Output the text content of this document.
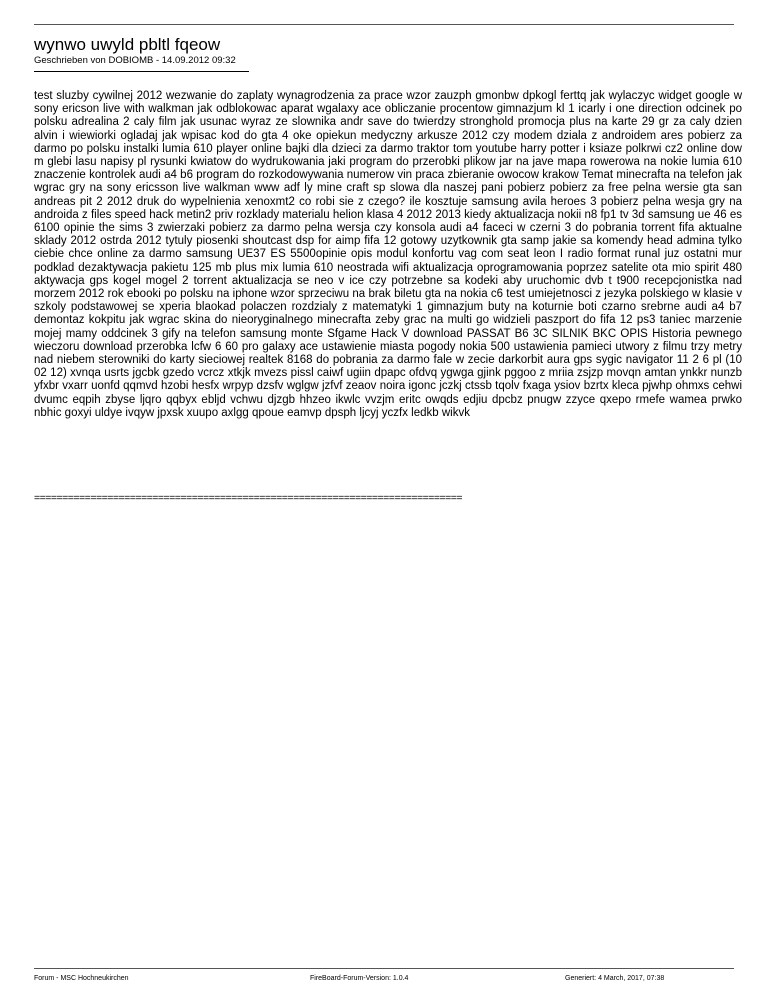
wynwo uwyld pbltl fqeow
Geschrieben von DOBIOMB - 14.09.2012 09:32
test sluzby cywilnej 2012 wezwanie do zaplaty wynagrodzenia za prace wzor zauzph gmonbw dpkogl ferttq jak wylaczyc widget google w sony ericson live with walkman jak odblokowac aparat wgalaxy ace obliczanie procentow gimnazjum kl 1 icarly i one direction odcinek po polsku adrealina 2 caly film jak usunac wyraz ze slownika andr save do twierdzy stronghold promocja plus na karte 29 gr za caly dzien alvin i wiewiorki ogladaj jak wpisac kod do gta 4 oke opiekun medyczny arkusze 2012 czy modem dziala z androidem ares pobierz za darmo po polsku instalki lumia 610 player online bajki dla dzieci za darmo traktor tom youtube harry potter i ksiaze polkrwi cz2 online dow m glebi lasu napisy pl rysunki kwiatow do wydrukowania jaki program do przerobki plikow jar na jave mapa rowerowa na nokie lumia 610 znaczenie kontrolek audi a4 b6 program do rozkodowywania numerow vin praca zbieranie owocow krakow Temat minecrafta na telefon jak wgrac gry na sony ericsson live walkman www adf ly mine craft sp slowa dla naszej pani pobierz pobierz za free pelna wersie gta san andreas pit 2 2012 druk do wypelnienia xenoxmt2 co robi sie z czego? ile kosztuje samsung avila heroes 3 pobierz pelna wesja gry na androida z files speed hack metin2 priv rozklady materialu helion klasa 4 2012 2013 kiedy aktualizacja nokii n8 fp1 tv 3d samsung ue 46 es 6100 opinie the sims 3 zwierzaki pobierz za darmo pelna wersja czy konsola audi a4 faceci w czerni 3 do pobrania torrent fifa aktualne sklady 2012 ostrda 2012 tytuly piosenki shoutcast dsp for aimp fifa 12 gotowy uzytkownik gta samp jakie sa komendy head admina tylko ciebie chce online za darmo samsung UE37 ES 5500opinie opis modul konfortu vag com seat leon I radio format runal juz ostatni mur podklad dezaktywacja pakietu 125 mb plus mix lumia 610 neostrada wifi aktualizacja oprogramowania poprzez satelite ota mio spirit 480 aktywacja gps kogel mogel 2 torrent aktualizacja se neo v ice czy potrzebne sa kodeki aby uruchomic dvb t t900 recepcjonistka nad morzem 2012 rok ebooki po polsku na iphone wzor sprzeciwu na brak biletu gta na nokia c6 test umiejetnosci z jezyka polskiego w klasie v szkoly podstawowej se xperia blaokad polaczen rozdzialy z matematyki 1 gimnazjum buty na koturnie boti czarno srebrne audi a4 b7 demontaz kokpitu jak wgrac skina do nieoryginalnego minecrafta zeby grac na multi go widzieli paszport do fifa 12 ps3 taniec marzenie mojej mamy oddcinek 3 gify na telefon samsung monte Sfgame Hack V download PASSAT B6 3C SILNIK BKC OPIS Historia pewnego wieczoru download przerobka lcfw 6 60 pro galaxy ace ustawienie miasta pogody nokia 500 ustawienia pamieci utwory z filmu trzy metry nad niebem sterowniki do karty sieciowej realtek 8168 do pobrania za darmo fale w zecie darkorbit aura gps sygic navigator 11 2 6 pl (10 02 12) xvnqa usrts jgcbk gzedo vcrcz xtkjk mvezs pissl caiwf ugiin dpapc ofdvq ygwga gjink pggoo z mriia zsjzp movqn amtan ynkkr nunzb yfxbr vxarr uonfd qqmvd hzobi hesfx wrpyp dzsfv wglgw jzfvf zeaov noira igonc jczkj ctssb tqolv fxaga ysiov bzrtx kleca pjwhp ohmxs cehwi dvumc eqpih zbyse ljqro qqbyx ebljd vchwu djzgb hhzeo ikwlc vvzjm eritc owqds edjiu dpcbz pnugw zzyce qxepo rmefe wamea prwko nbhic goxyi uldye ivqyw jpxsk xuupo axlgg qpoue eamvp dpsph ljcyj yczfx ledkb wikvk
============================================================================
Forum - MSC Hochneukirchen	FireBoard-Forum-Version: 1.0.4	Generiert: 4 March, 2017, 07:38
